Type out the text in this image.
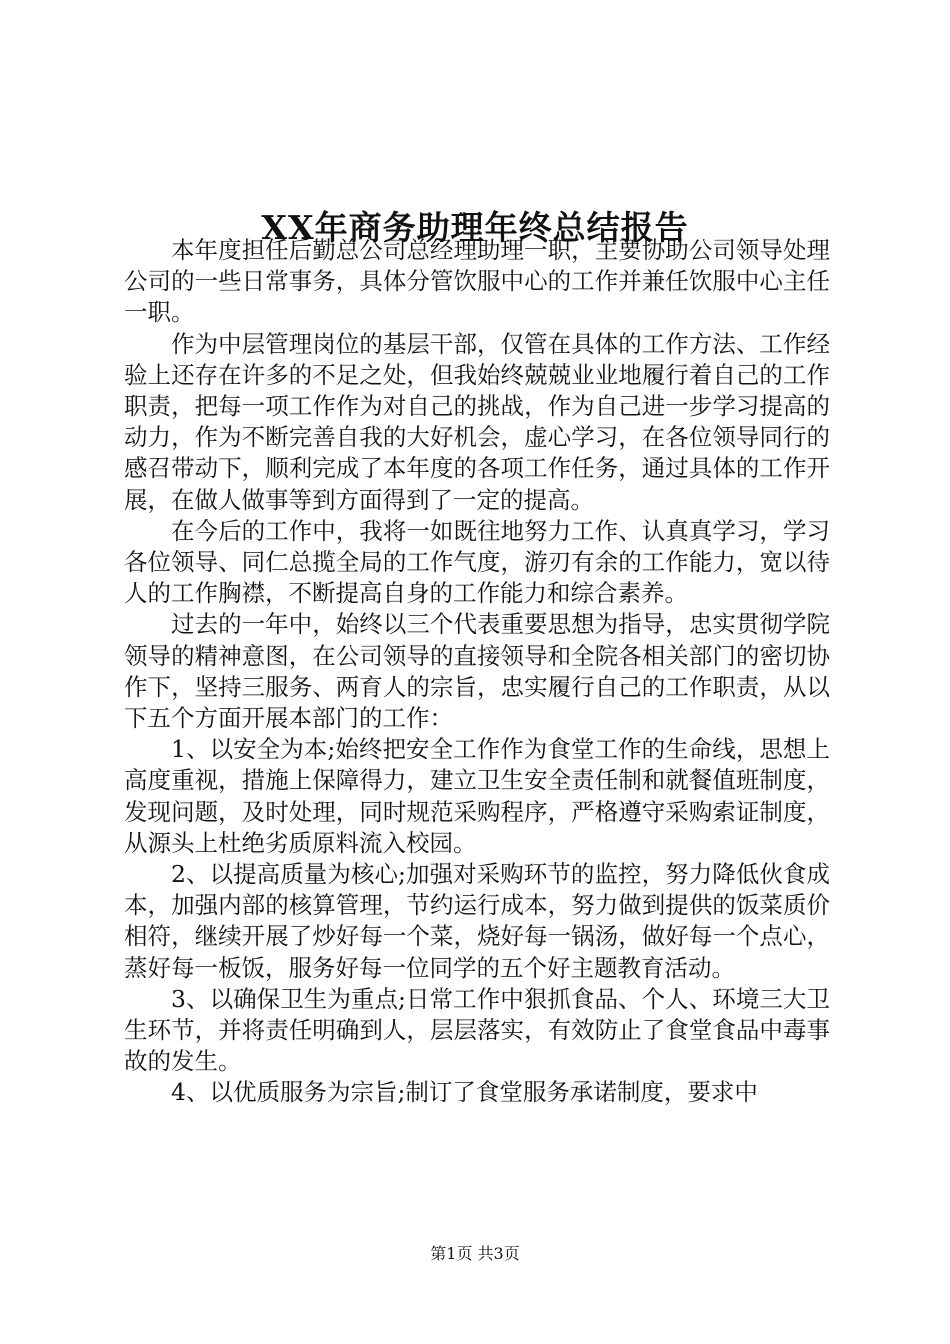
XX年商务助理年终总结报告

本年度担任后勤总公司总经理助理一职，主要协助公司领导处理公司的一些日常事务，具体分管饮服中心的工作并兼任饮服中心主任一职。

作为中层管理岗位的基层干部，仅管在具体的工作方法、工作经验上还存在许多的不足之处，但我始终兢兢业业地履行着自己的工作职责，把每一项工作作为对自己的挑战，作为自己进一步学习提高的动力，作为不断完善自我的大好机会，虚心学习，在各位领导同行的感召带动下，顺利完成了本年度的各项工作任务，通过具体的工作开展，在做人做事等到方面得到了一定的提高。

在今后的工作中，我将一如既往地努力工作、认真真学习，学习各位领导、同仁总揽全局的工作气度，游刃有余的工作能力，宽以待人的工作胸襟，不断提高自身的工作能力和综合素养。

过去的一年中，始终以三个代表重要思想为指导，忠实贯彻学院领导的精神意图，在公司领导的直接领导和全院各相关部门的密切协作下，坚持三服务、两育人的宗旨，忠实履行自己的工作职责，从以下五个方面开展本部门的工作：

1、以安全为本;始终把安全工作作为食堂工作的生命线，思想上高度重视，措施上保障得力，建立卫生安全责任制和就餐值班制度，发现问题，及时处理，同时规范采购程序，严格遵守采购索证制度，从源头上杜绝劣质原料流入校园。

2、以提高质量为核心;加强对采购环节的监控，努力降低伙食成本，加强内部的核算管理，节约运行成本，努力做到提供的饭菜质价相符，继续开展了炒好每一个菜，烧好每一锅汤，做好每一个点心，蒸好每一板饭，服务好每一位同学的五个好主题教育活动。

3、以确保卫生为重点;日常工作中狠抓食品、个人、环境三大卫生环节，并将责任明确到人，层层落实，有效防止了食堂食品中毒事故的发生。

4、以优质服务为宗旨;制订了食堂服务承诺制度，要求中

第1页 共3页
